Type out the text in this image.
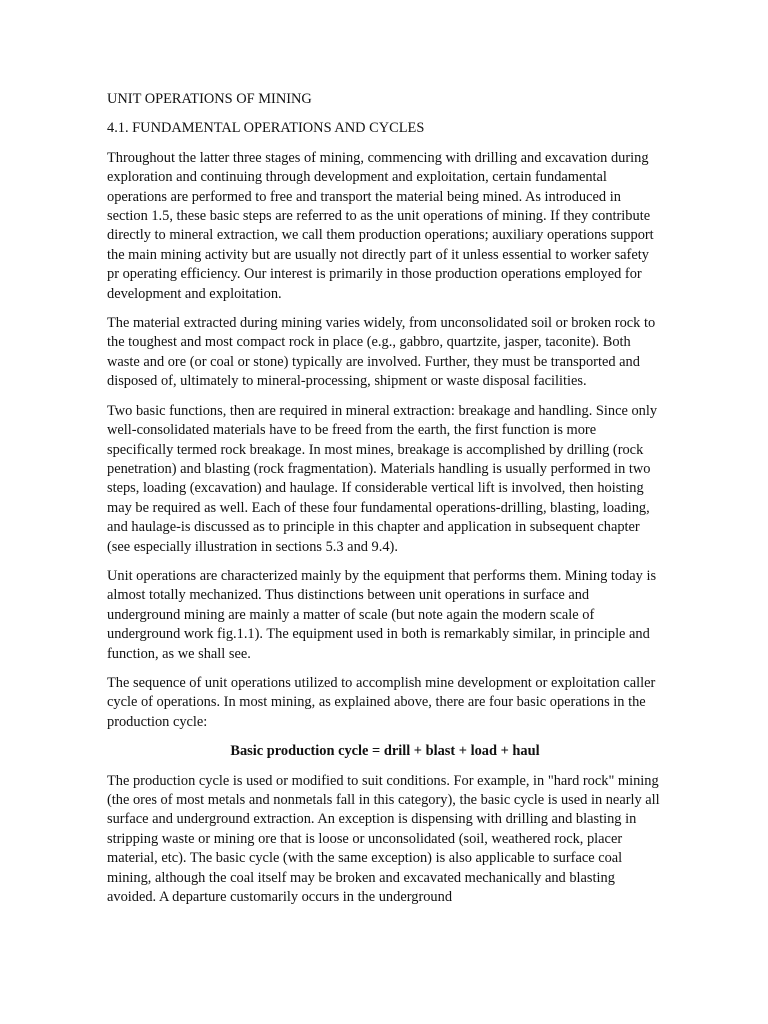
UNIT OPERATIONS OF MINING
4.1. FUNDAMENTAL OPERATIONS AND CYCLES

Throughout the latter three stages of mining, commencing with drilling and excavation during exploration and continuing through development and exploitation, certain fundamental operations are performed to free and transport the material being mined. As introduced in section 1.5, these basic steps are referred to as the unit operations of mining. If they contribute directly to mineral extraction, we call them production operations; auxiliary operations support the main mining activity but are usually not directly part of it unless essential to worker safety pr operating efficiency. Our interest is primarily in those production operations employed for development and exploitation.

The material extracted during mining varies widely, from unconsolidated soil or broken rock to the toughest and most compact rock in place (e.g., gabbro, quartzite, jasper, taconite). Both waste and ore (or coal or stone) typically are involved. Further, they must be transported and disposed of, ultimately to mineral-processing, shipment or waste disposal facilities.

Two basic functions, then are required in mineral extraction: breakage and handling. Since only well-consolidated materials have to be freed from the earth, the first function is more specifically termed rock breakage. In most mines, breakage is accomplished by drilling (rock penetration) and blasting (rock fragmentation). Materials handling is usually performed in two steps, loading (excavation) and haulage. If considerable vertical lift is involved, then hoisting may be required as well. Each of these four fundamental operations-drilling, blasting, loading, and haulage-is discussed as to principle in this chapter and application in subsequent chapter (see especially illustration in sections 5.3 and 9.4).

Unit operations are characterized mainly by the equipment that performs them. Mining today is almost totally mechanized. Thus distinctions between unit operations in surface and underground mining are mainly a matter of scale (but note again the modern scale of underground work fig.1.1). The equipment used in both is remarkably similar, in principle and function, as we shall see.

The sequence of unit operations utilized to accomplish mine development or exploitation caller cycle of operations. In most mining, as explained above, there are four basic operations in the production cycle:

Basic production cycle = drill + blast + load + haul

The production cycle is used or modified to suit conditions. For example, in "hard rock" mining (the ores of most metals and nonmetals fall in this category), the basic cycle is used in nearly all surface and underground extraction. An exception is dispensing with drilling and blasting in stripping waste or mining ore that is loose or unconsolidated (soil, weathered rock, placer material, etc). The basic cycle (with the same exception) is also applicable to surface coal mining, although the coal itself may be broken and excavated mechanically and blasting avoided. A departure customarily occurs in the underground
